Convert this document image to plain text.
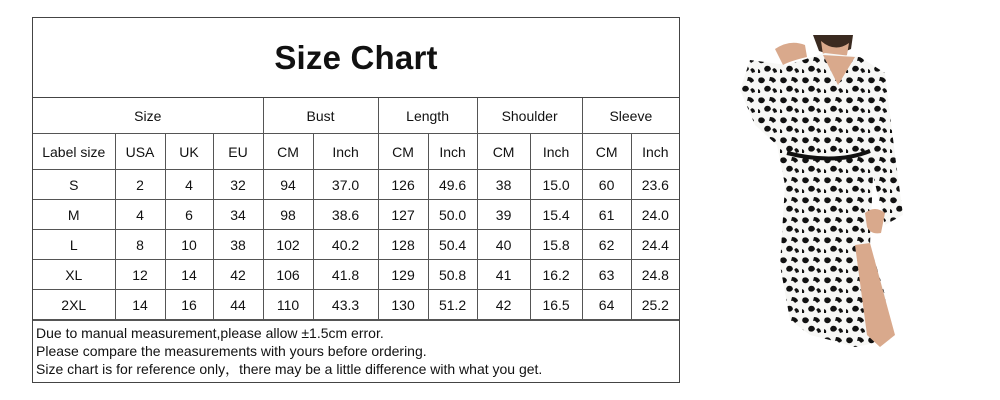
Size Chart
Size				Bust		Length		Shoulder		Sleeve	
Label size	USA	UK	EU	CM	Inch	CM	Inch	CM	Inch	CM	Inch
S	2	4	32	94	37.0	126	49.6	38	15.0	60	23.6
M	4	6	34	98	38.6	127	50.0	39	15.4	61	24.0
L	8	10	38	102	40.2	128	50.4	40	15.8	62	24.4
XL	12	14	42	106	41.8	129	50.8	41	16.2	63	24.8
2XL	14	16	44	110	43.3	130	51.2	42	16.5	64	25.2
Due to manual measurement,please allow ±1.5cm error.
Please compare the measurements with yours before ordering.
Size chart is for reference only，there may be a little difference with what you get.
